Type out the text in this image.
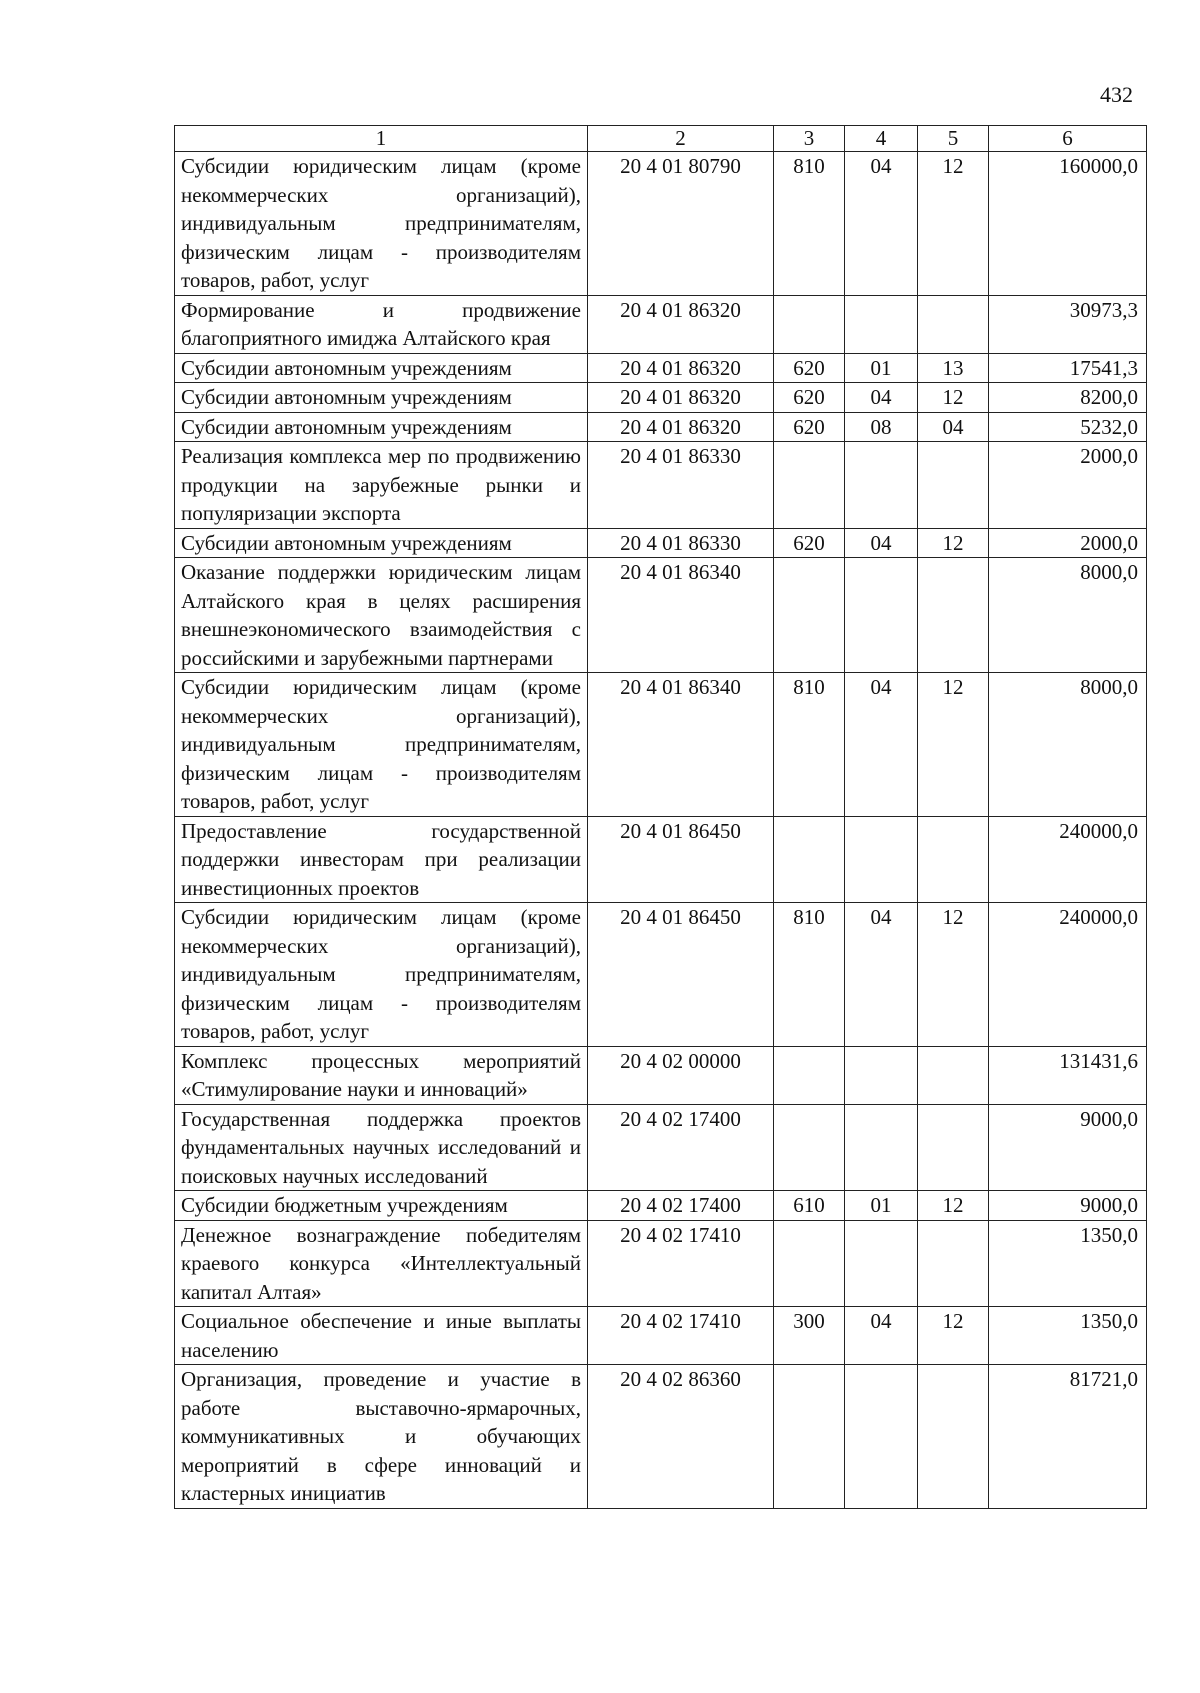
432
1	2	3	4	5	6
Субсидии юридическим лицам (кроме некоммерческих организаций), индивидуальным предпринимателям, физическим лицам - производителям товаров, работ, услуг	20 4 01 80790	810	04	12	160000,0
Формирование и продвижение благоприятного имиджа Алтайского края	20 4 01 86320				30973,3
Субсидии автономным учреждениям	20 4 01 86320	620	01	13	17541,3
Субсидии автономным учреждениям	20 4 01 86320	620	04	12	8200,0
Субсидии автономным учреждениям	20 4 01 86320	620	08	04	5232,0
Реализация комплекса мер по продвижению продукции на зарубежные рынки и популяризации экспорта	20 4 01 86330				2000,0
Субсидии автономным учреждениям	20 4 01 86330	620	04	12	2000,0
Оказание поддержки юридическим лицам Алтайского края в целях расширения внешнеэкономического взаимодействия с российскими и зарубежными партнерами	20 4 01 86340				8000,0
Субсидии юридическим лицам (кроме некоммерческих организаций), индивидуальным предпринимателям, физическим лицам - производителям товаров, работ, услуг	20 4 01 86340	810	04	12	8000,0
Предоставление государственной поддержки инвесторам при реализации инвестиционных проектов	20 4 01 86450				240000,0
Субсидии юридическим лицам (кроме некоммерческих организаций), индивидуальным предпринимателям, физическим лицам - производителям товаров, работ, услуг	20 4 01 86450	810	04	12	240000,0
Комплекс процессных мероприятий «Стимулирование науки и инноваций»	20 4 02 00000				131431,6
Государственная поддержка проектов фундаментальных научных исследований и поисковых научных исследований	20 4 02 17400				9000,0
Субсидии бюджетным учреждениям	20 4 02 17400	610	01	12	9000,0
Денежное вознаграждение победителям краевого конкурса «Интеллектуальный капитал Алтая»	20 4 02 17410				1350,0
Социальное обеспечение и иные выплаты населению	20 4 02 17410	300	04	12	1350,0
Организация, проведение и участие в работе выставочно-ярмарочных, коммуникативных и обучающих мероприятий в сфере инноваций и кластерных инициатив	20 4 02 86360				81721,0
